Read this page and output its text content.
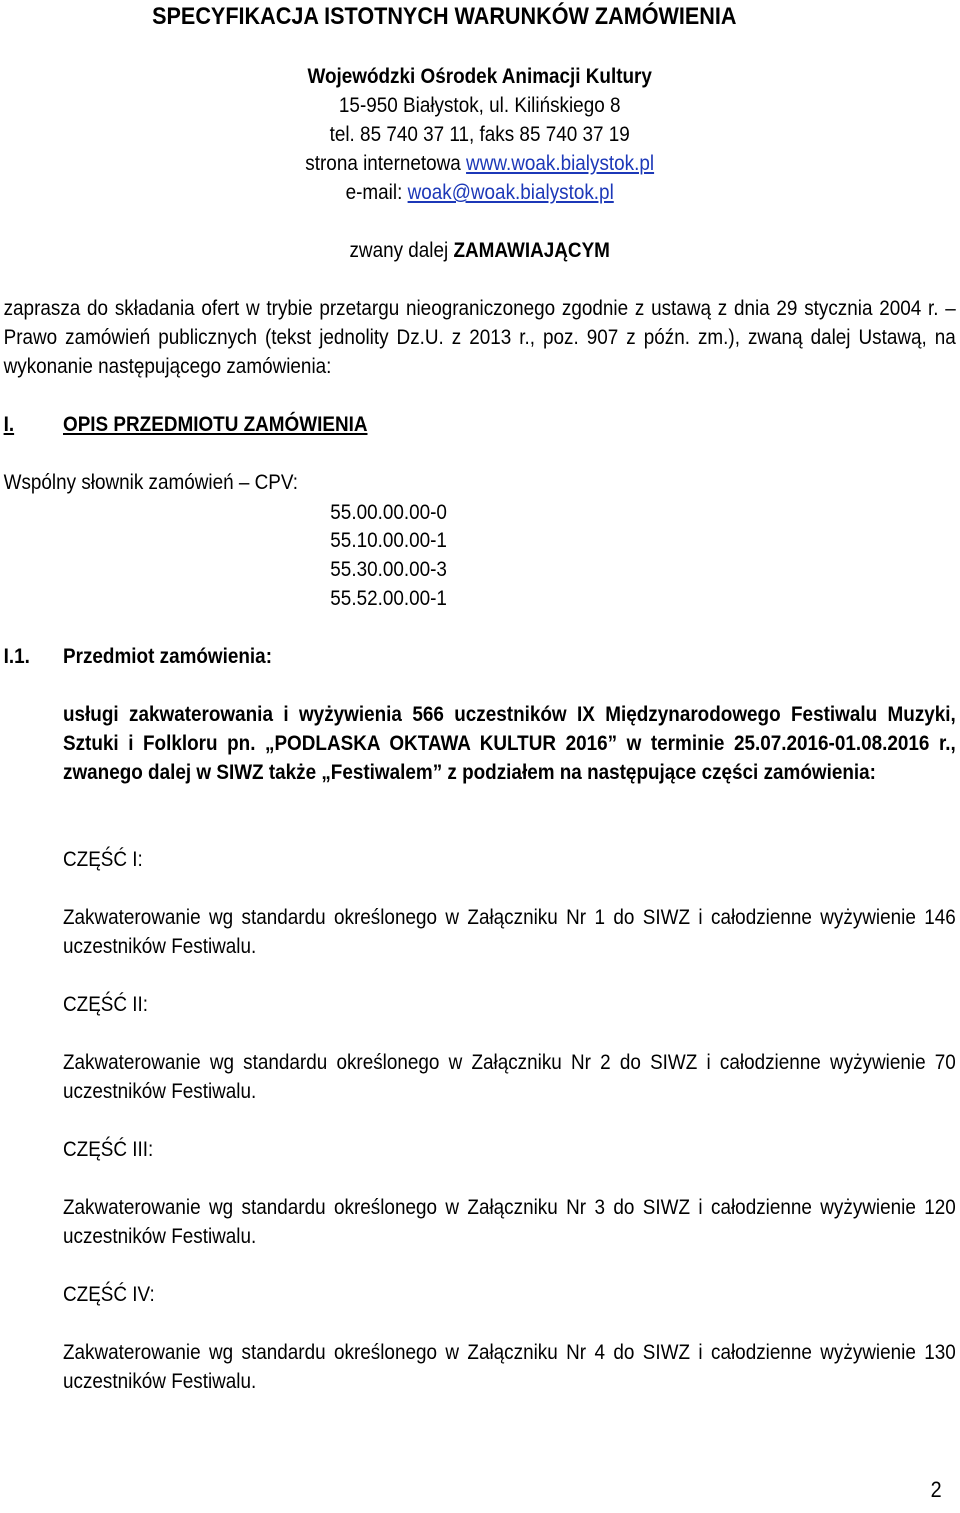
SPECYFIKACJA ISTOTNYCH WARUNKÓW ZAMÓWIENIA
Wojewódzki Ośrodek Animacji Kultury
15-950 Białystok, ul. Kilińskiego 8
tel. 85 740 37 11, faks 85 740 37 19
strona internetowa www.woak.bialystok.pl
e-mail: woak@woak.bialystok.pl
zwany dalej ZAMAWIAJĄCYM
zaprasza do składania ofert w trybie przetargu nieograniczonego zgodnie z ustawą z dnia 29 stycznia 2004 r. – Prawo zamówień publicznych (tekst jednolity Dz.U. z 2013 r., poz. 907 z późn. zm.), zwaną dalej Ustawą, na wykonanie następującego zamówienia:
I. OPIS PRZEDMIOTU ZAMÓWIENIA
Wspólny słownik zamówień – CPV:
55.00.00.00-0
55.10.00.00-1
55.30.00.00-3
55.52.00.00-1
I.1. Przedmiot zamówienia:
usługi zakwaterowania i wyżywienia 566 uczestników IX Międzynarodowego Festiwalu Muzyki, Sztuki i Folkloru pn. „PODLASKA OKTAWA KULTUR 2016” w terminie 25.07.2016-01.08.2016 r., zwanego dalej w SIWZ także „Festiwalem” z podziałem na następujące części zamówienia:
CZĘŚĆ I:
Zakwaterowanie wg standardu określonego w Załączniku Nr 1 do SIWZ i całodzienne wyżywienie 146 uczestników Festiwalu.
CZĘŚĆ II:
Zakwaterowanie wg standardu określonego w Załączniku Nr 2 do SIWZ i całodzienne wyżywienie 70 uczestników Festiwalu.
CZĘŚĆ III:
Zakwaterowanie wg standardu określonego w Załączniku Nr 3 do SIWZ i całodzienne wyżywienie 120 uczestników Festiwalu.
CZĘŚĆ IV:
Zakwaterowanie wg standardu określonego w Załączniku Nr 4 do SIWZ i całodzienne wyżywienie 130 uczestników Festiwalu.
2
